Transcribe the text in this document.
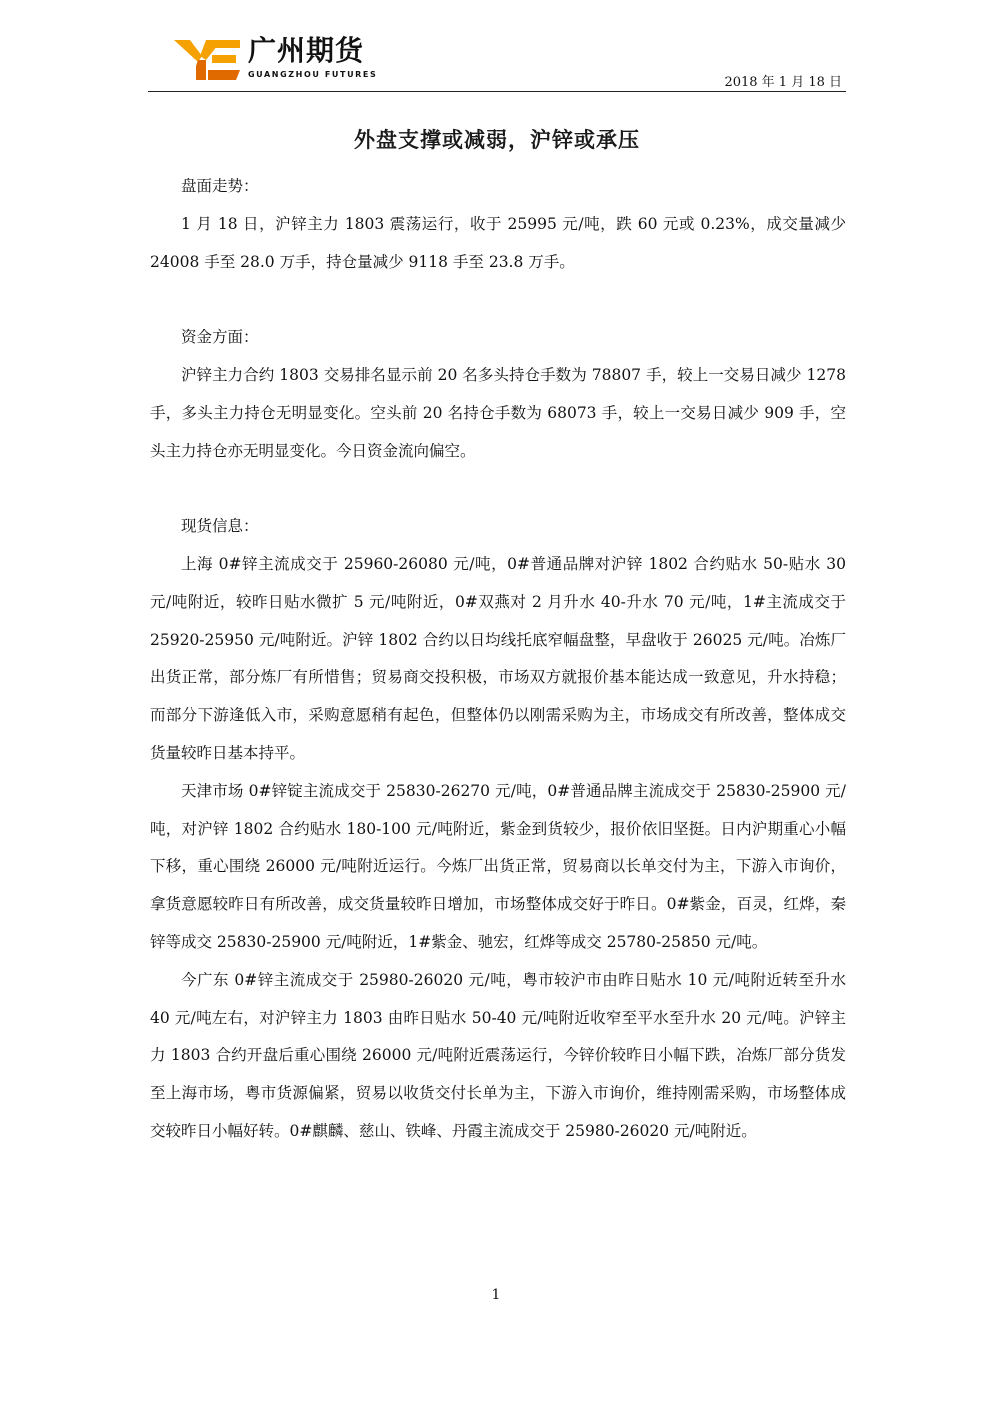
广州期货
GUANGZHOU FUTURES
2018 年 1 月 18 日
外盘支撑或减弱，沪锌或承压

盘面走势：

1 月 18 日，沪锌主力 1803 震荡运行，收于 25995 元/吨，跌 60 元或 0.23%，成交量减少 24008 手至 28.0 万手，持仓量减少 9118 手至 23.8 万手。

资金方面：

沪锌主力合约 1803 交易排名显示前 20 名多头持仓手数为 78807 手，较上一交易日减少 1278 手，多头主力持仓无明显变化。空头前 20 名持仓手数为 68073 手，较上一交易日减少 909 手，空头主力持仓亦无明显变化。今日资金流向偏空。

现货信息：

上海 0#锌主流成交于 25960-26080 元/吨，0#普通品牌对沪锌 1802 合约贴水 50-贴水 30 元/吨附近，较昨日贴水微扩 5 元/吨附近，0#双燕对 2 月升水 40-升水 70 元/吨，1#主流成交于 25920-25950 元/吨附近。沪锌 1802 合约以日均线托底窄幅盘整，早盘收于 26025 元/吨。冶炼厂出货正常，部分炼厂有所惜售；贸易商交投积极，市场双方就报价基本能达成一致意见，升水持稳；而部分下游逢低入市，采购意愿稍有起色，但整体仍以刚需采购为主，市场成交有所改善，整体成交货量较昨日基本持平。

天津市场 0#锌锭主流成交于 25830-26270 元/吨，0#普通品牌主流成交于 25830-25900 元/吨，对沪锌 1802 合约贴水 180-100 元/吨附近，紫金到货较少，报价依旧坚挺。日内沪期重心小幅下移，重心围绕 26000 元/吨附近运行。今炼厂出货正常，贸易商以长单交付为主，下游入市询价，拿货意愿较昨日有所改善，成交货量较昨日增加，市场整体成交好于昨日。0#紫金，百灵，红烨，秦锌等成交 25830-25900 元/吨附近，1#紫金、驰宏，红烨等成交 25780-25850 元/吨。

今广东 0#锌主流成交于 25980-26020 元/吨，粤市较沪市由昨日贴水 10 元/吨附近转至升水 40 元/吨左右，对沪锌主力 1803 由昨日贴水 50-40 元/吨附近收窄至平水至升水 20 元/吨。沪锌主力 1803 合约开盘后重心围绕 26000 元/吨附近震荡运行，今锌价较昨日小幅下跌，冶炼厂部分货发至上海市场，粤市货源偏紧，贸易以收货交付长单为主，下游入市询价，维持刚需采购，市场整体成交较昨日小幅好转。0#麒麟、慈山、铁峰、丹霞主流成交于 25980-26020 元/吨附近。

1
